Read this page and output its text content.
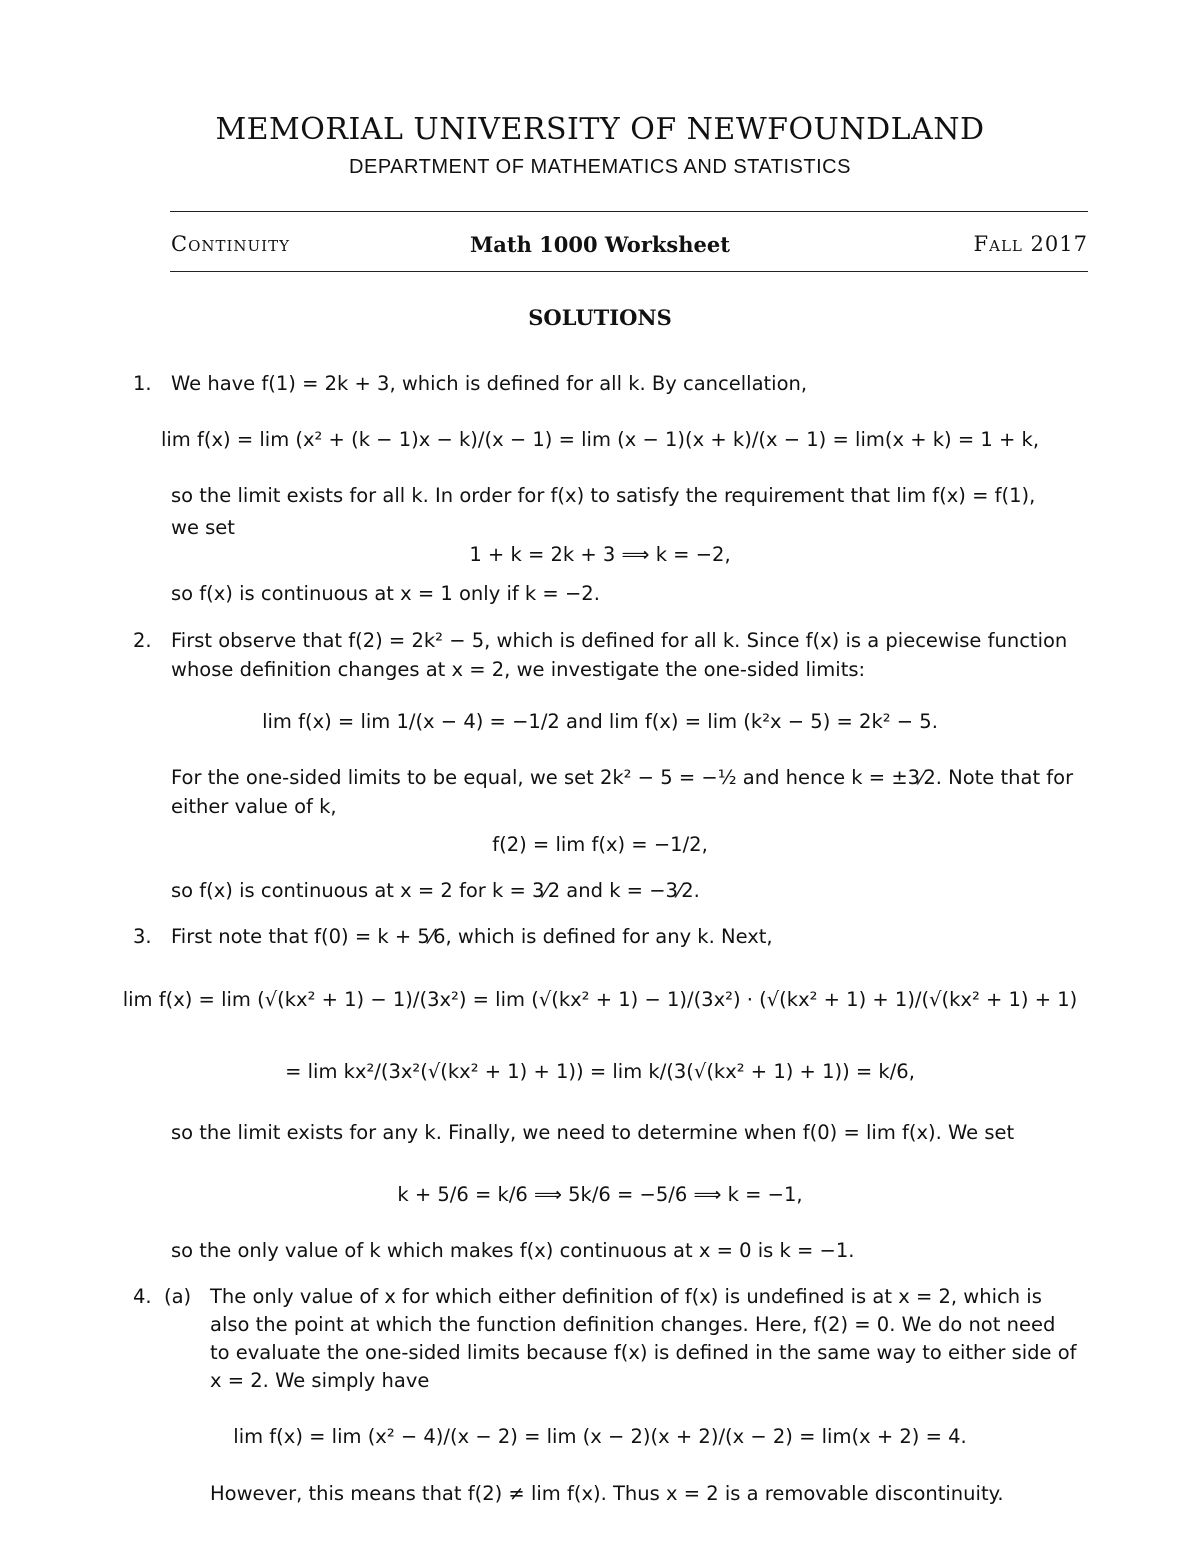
MEMORIAL UNIVERSITY OF NEWFOUNDLAND
DEPARTMENT OF MATHEMATICS AND STATISTICS
Continuity	Math 1000 Worksheet	Fall 2017
SOLUTIONS
1. We have f(1) = 2k + 3, which is defined for all k. By cancellation,
lim f(x) = lim (x² + (k − 1)x − k)/(x − 1) = lim (x − 1)(x + k)/(x − 1) = lim(x + k) = 1 + k,
so the limit exists for all k. In order for f(x) to satisfy the requirement that lim f(x) = f(1),
we set
1 + k = 2k + 3 ⟹ k = −2,
so f(x) is continuous at x = 1 only if k = −2.
2. First observe that f(2) = 2k² − 5, which is defined for all k. Since f(x) is a piecewise function
whose definition changes at x = 2, we investigate the one-sided limits:
lim f(x) = lim 1/(x − 4) = −1/2 and lim f(x) = lim (k²x − 5) = 2k² − 5.
For the one-sided limits to be equal, we set 2k² − 5 = −½ and hence k = ±3⁄2. Note that for
either value of k,
f(2) = lim f(x) = −1/2,
so f(x) is continuous at x = 2 for k = 3⁄2 and k = −3⁄2.
3. First note that f(0) = k + 5⁄6, which is defined for any k. Next,
lim f(x) = lim (√(kx² + 1) − 1)/(3x²) = lim (√(kx² + 1) − 1)/(3x²) · (√(kx² + 1) + 1)/(√(kx² + 1) + 1)
= lim kx²/(3x²(√(kx² + 1) + 1)) = lim k/(3(√(kx² + 1) + 1)) = k/6,
so the limit exists for any k. Finally, we need to determine when f(0) = lim f(x). We set
k + 5/6 = k/6 ⟹ 5k/6 = −5/6 ⟹ k = −1,
so the only value of k which makes f(x) continuous at x = 0 is k = −1.
4. (a) The only value of x for which either definition of f(x) is undefined is at x = 2, which is
also the point at which the function definition changes. Here, f(2) = 0. We do not need
to evaluate the one-sided limits because f(x) is defined in the same way to either side of
x = 2. We simply have
lim f(x) = lim (x² − 4)/(x − 2) = lim (x − 2)(x + 2)/(x − 2) = lim(x + 2) = 4.
However, this means that f(2) ≠ lim f(x). Thus x = 2 is a removable discontinuity.
